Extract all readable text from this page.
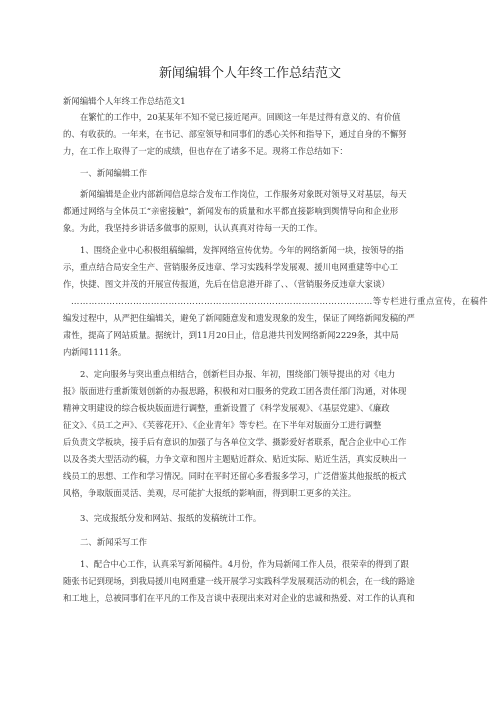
新闻编辑个人年终工作总结范文
新闻编辑个人年终工作总结范文1
在繁忙的工作中，20某某年不知不觉已接近尾声。回顾这一年是过得有意义的、有价值
的、有收获的。一年来，在书记、部室领导和同事们的悉心关怀和指导下，通过自身的不懈努
力，在工作上取得了一定的成绩，但也存在了诸多不足。现将工作总结如下：
一、新闻编辑工作
新闻编辑是企业内部新闻信息综合发布工作岗位，工作服务对象既对领导又对基层，每天
都通过网络与全体员工“亲密接触”，新闻发布的质量和水平都直接影响到舆情导向和企业形
象。为此，我坚持乡讲话多做事的原则，认认真真对待每一天的工作。
1、围绕企业中心积极组稿编辑，发挥网络宣传优势。今年的网络新闻一块，按领导的指
示，重点结合局安全生产、营销服务反违章、学习实践科学发展观、援川电网重建等中心工
作，快捷、图文并茂的开展宣传报道，先后在信息港开辟了、、（营销服务反违章大家谈）
…………………………………………………………………………………………等专栏进行重点宣传，在稿件
编发过程中，从严把住编辑关，避免了新闻随意发和遗发现象的发生，保证了网络新闻发稿的严
肃性，提高了网站质量。据统计，到11月20日止，信息港共刊发网络新闻2229条，其中局
内新闻1111条。
2、定向服务与突出重点相结合，创新栏目办报、年初，围绕部门领导提出的对《电力
报》版面进行重新策划创新的办报思路，积极和对口服务的党政工团各责任部门沟通，对体现
精神文明建设的综合板块版面进行调整，重新设置了《科学发展观》、《基层党建》、《廉政
征文》、《员工之声》、《芙蓉花开》、《企业青年》等专栏。在下半年对版面分工进行调整
后负责文学板块，接手后有意识的加强了与各单位文学、摄影爱好者联系，配合企业中心工作
以及各类大型活动约稿，力争文章和图片主题贴近群众、贴近实际、贴近生活，真实反映出一
线员工的思想、工作和学习情况。同时在平时还留心多看报多学习，广泛借鉴其他报纸的板式
风格，争取版面灵活、美观，尽可能扩大报纸的影响面，得到职工更多的关注。
3、完成报纸分发和网站、报纸的发稿统计工作。
二、新闻采写工作
1、配合中心工作，认真采写新闻稿件。4月份，作为局新闻工作人员，很荣幸的得到了跟
随张书记到现场，到我局援川电网重建一线开展学习实践科学发展观活动的机会，在一线的路途
和工地上，总被同事们在平凡的工作及言谈中表现出来对对企业的忠诚和热爱、对工作的认真和
